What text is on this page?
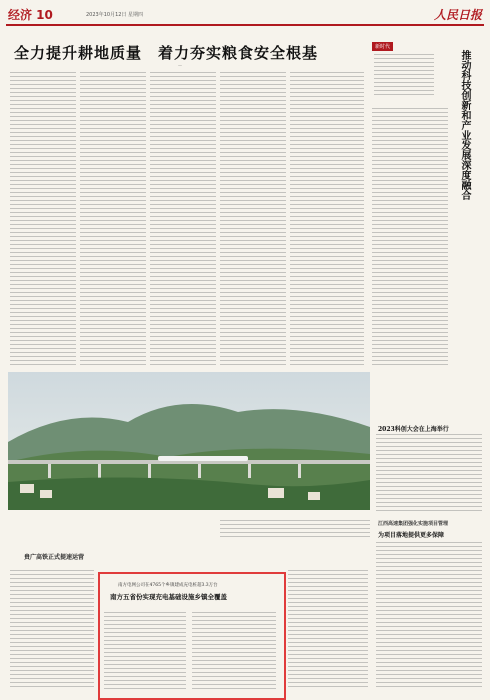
经济 10	2023年10月12日 星期四	人民日报
全力提升耕地质量　着力夯实粮食安全根基
—
新时代
推动科技创新和产业发展深度融合
贵广高铁正式提速运营
2023科创大会在上海举行
江西高速集团强化实施项目管理
为项目落地提供更多保障
南方电网公司在4765个乡镇建成充电桩超3.3万台
南方五省份实现充电基础设施乡镇全覆盖
